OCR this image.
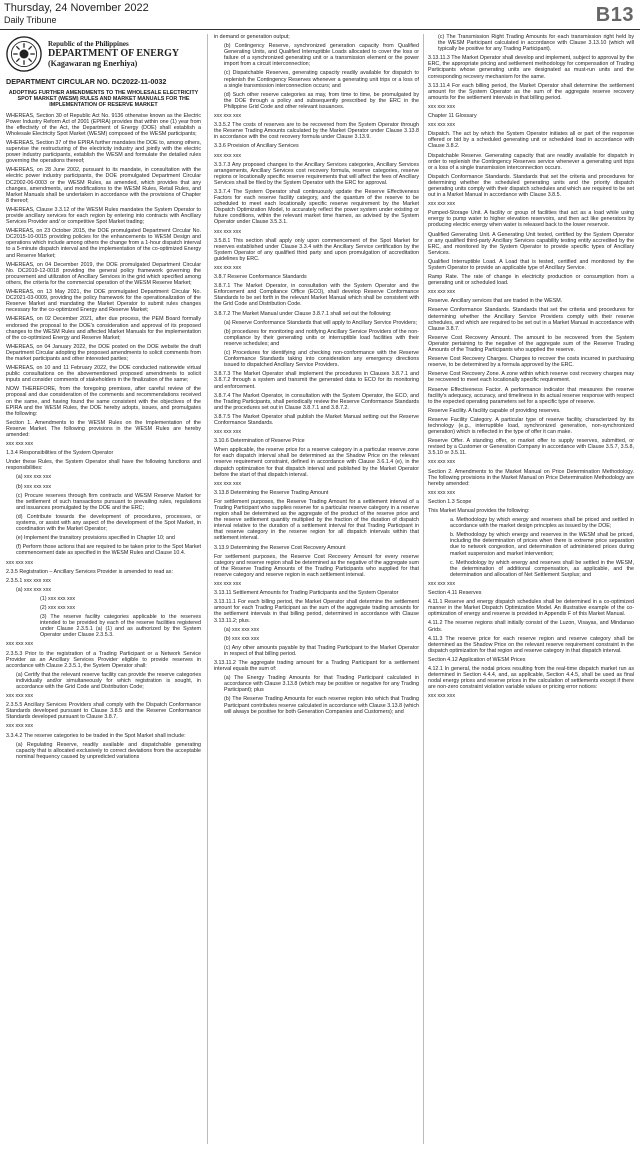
Thursday, 24 November 2022
Daily Tribune	B13
Republic of the Philippines
DEPARTMENT OF ENERGY
(Kagawaran ng Enerhiya)
DEPARTMENT CIRCULAR NO. DC2022-11-0032
ADOPTING FURTHER AMENDMENTS TO THE WHOLESALE ELECTRICITY SPOT MARKET (WESM) RULES AND MARKET MANUALS FOR THE IMPLEMENTATION OF RESERVE MARKET
WHEREAS, Section 30 of Republic Act No. 9136 otherwise known as the Electric Power Industry Reform Act of 2001 (EPIRA) provides that within one (1) year from the effectivity of the Act, the Department of Energy (DOE) shall establish a Wholesale Electricity Spot Market (WESM) composed of the WESM participants;
WHEREAS, Section 37 of the EPIRA further mandates the DOE to, among others, supervise the restructuring of the electricity industry and jointly with the electric power industry participants, establish the WESM and formulate the detailed rules governing the operations thereof;
WHEREAS, on 28 June 2002, pursuant to its mandate, in consultation with the electric power industry participants, the DOE promulgated Department Circular DC2002-06-0003 or the WESM Rules, as amended, which provides that any changes, amendments, and modifications to the WESM Rules, Retail Rules, and Market Manuals shall be undertaken in accordance with the provisions of Chapter 8 thereof;
WHEREAS, Clause 3.3.12 of the WESM Rules mandates the System Operator to provide ancillary services for each region by entering into contracts with Ancillary Services Provider and/ or competitive Spot Market trading;
WHEREAS, on 23 October 2015, the DOE promulgated Department Circular No. DC2015-10-0015 providing policies for the enhancements to WESM Design and operations which include among others the change from a 1-hour dispatch interval to a 5-minute dispatch interval and the implementation of the co-optimized Energy and Reserve Market;
WHEREAS, on 04 December 2019, the DOE promulgated Department Circular No. DC2019-12-0018 providing the general policy framework governing the procurement and utilization of Ancillary Services in the grid which specified among others, the criteria for the commercial operation of the WESM Reserve Market;
WHEREAS, on 13 May 2021, the DOE promulgated Department Circular No. DC2021-03-0009, providing the policy framework for the operationalization of the Reserve Market and mandating the Market Operator to submit rules changes necessary for the co-optimized Energy and Reserve Market;
WHEREAS, on 02 December 2021, after due process, the PEM Board formally endorsed the proposal to the DOE's consideration and approval of its proposed changes to the WESM Rules and affected Market Manuals for the implementation of the co-optimized Energy and Reserve Market;
WHEREAS, on 04 January 2022, the DOE posted on the DOE website the draft Department Circular adopting the proposed amendments to solicit comments from the market participants and other interested parties;
WHEREAS, on 10 and 11 February 2022, the DOE conducted nationwide virtual public consultations on the abovementioned proposed amendments to solicit inputs and consider comments of stakeholders in the finalization of the same;
NOW THEREFORE, from the foregoing premises, after careful review of the proposal and due consideration of the comments and recommendations received on the same, and having found the same consistent with the objectives of the EPIRA and the WESM Rules, the DOE hereby adopts, issues, and promulgates the following:
Section 1. Amendments to the WESM Rules on the Implementation of the Reserve Market. The following provisions in the WESM Rules are hereby amended:
xxx xxx xxx
1.3.4 Responsibilities of the System Operator
Under these Rules, the System Operator shall have the following functions and responsibilities:
(a) xxx xxx xxx
(b) xxx xxx xxx
(c) Procure reserves through firm contracts and WESM Reserve Market for the settlement of such transactions pursuant to prevailing rules, regulations and issuances promulgated by the DOE and the ERC;
(d) Contribute towards the development of procedures, processes, or systems, or assist with any aspect of the development of the Spot Market, in coordination with the Market Operator;
(e) Implement the transitory provisions specified in Chapter 10; and
(f) Perform those actions that are required to be taken prior to the Spot Market commencement date as specified in the WESM Rules and Clause 10.4.
xxx xxx xxx
2.3.5 Registration – Ancillary Services Provider is amended to read as:
2.3.5.1 xxx xxx xxx
(a) xxx xxx xxx
(1) xxx xxx xxx
(2) xxx xxx xxx
(3) The reserve facility categories applicable to the reserves intended to be provided by each of the reserve facilities registered under Clause 2.3.5.1 (a) (1) and as authorized by the System Operator under Clause 2.3.5.3.
xxx xxx xxx
2.3.5.3 Prior to the registration of a Trading Participant or a Network Service Provider as an Ancillary Services Provider eligible to provide reserves in accordance with Clause 2.3.5.1, the System Operator shall:
(a) Certify that the relevant reserve facility can provide the reserve categories individually and/or simultaneously for which registration is sought, in accordance with the Grid Code and Distribution Code;
xxx xxx xxx
2.3.5.5 Ancillary Services Providers shall comply with the Dispatch Conformance Standards developed pursuant to Clause 3.8.5 and the Reserve Conformance Standards developed pursuant to Clause 3.8.7.
xxx xxx xxx
3.3.4.2 The reserve categories to be traded in the Spot Market shall include:
(a) Regulating Reserve, readily available and dispatchable generating capacity that is allocated exclusively to correct deviations from the acceptable nominal frequency caused by unpredicted variations
in demand or generation output;
(b) Contingency Reserve, synchronized generation capacity from Qualified Generating Units, and Qualified Interruptible Loads allocated to cover the loss or failure of a synchronized generating unit or a transmission element or the power import from a circuit interconnection;
(c) Dispatchable Reserves, generating capacity readily available for dispatch to replenish the Contingency Reserves whenever a generating unit trips or a loss of a single transmission interconnection occurs; and
(d) Such other reserve categories as may, from time to time, be promulgated by the DOE through a policy and subsequently prescribed by the ERC in the Philippine Grid Code and other relevant issuances.
xxx xxx xxx
3.3.5.2 The costs of reserves are to be recovered from the System Operator through the Reserve Trading Amounts calculated by the Market Operator under Clause 3.13.8 in accordance with the cost recovery formula under Clause 3.13.9.
3.3.6 Provision of Ancillary Services
xxx xxx xxx
3.3.7.3 Any proposed changes to the Ancillary Services categories, Ancillary Services arrangements, Ancillary Services cost recovery formula, reserve categories, reserve regions or locationally specific reserve requirements that will affect the fees of Ancillary Services shall be filed by the System Operator with the ERC for approval.
3.3.7.4 The System Operator shall continuously update the Reserve Effectiveness Factors for each reserve facility category, and the quantum of the reserve to be scheduled to meet each locationally specific reserve requirement by the Market Dispatch Optimization Model, to accurately reflect the power system under existing or future conditions, within the relevant market time frames, as advised by the System Operator under Clause 3.5.3.1.
xxx xxx xxx
3.5.8.1 This section shall apply only upon commencement of the Spot Market for reserves established under Clause 3.3.4 with the Ancillary Service certification by the System Operator of any qualified third party and upon promulgation of accreditation guidelines by ERC.
xxx xxx xxx
3.8.7 Reserve Conformance Standards
3.8.7.1 The Market Operator, in consultation with the System Operator and the Enforcement and Compliance Office (ECO), shall develop Reserve Conformance Standards to be set forth in the relevant Market Manual which shall be consistent with the Grid Code and Distribution Code.
3.8.7.2 The Market Manual under Clause 3.8.7.1 shall set out the following:
(a) Reserve Conformance Standards that will apply to Ancillary Service Providers;
(b) procedures for monitoring and notifying Ancillary Service Providers of the non-compliance by their generating units or interruptible load facilities with their reserve schedules; and
(c) Procedures for identifying and checking non-conformance with the Reserve Conformance Standards taking into consideration any emergency directions issued to dispatched Ancillary Service Providers.
3.8.7.3 The Market Operator shall implement the procedures in Clauses 3.8.7.1 and 3.8.7.2 through a system and transmit the generated data to ECO for its monitoring and enforcement.
3.8.7.4 The Market Operator, in consultation with the System Operator, the ECO, and the Trading Participants, shall periodically review the Reserve Conformance Standards and the procedures set out in Clause 3.8.7.1 and 3.8.7.2.
3.8.7.5 The Market Operator shall publish the Market Manual setting out the Reserve Conformance Standards.
xxx xxx xxx
3.10.6 Determination of Reserve Price
When applicable, the reserve price for a reserve category in a particular reserve zone for each dispatch interval shall be determined as the Shadow Price on the relevant reserve requirement constraint, defined in accordance with Clause 3.6.1.4 (e), in the dispatch optimization for that dispatch interval and published by the Market Operator before the start of that dispatch interval.
xxx xxx xxx
3.13.8 Determining the Reserve Trading Amount
For settlement purposes, the Reserve Trading Amount for a settlement interval of a Trading Participant who supplies reserve for a particular reserve category in a reserve region shall be determined as the aggregate of the product of the reserve price and the reserve settlement quantity multiplied by the fraction of the duration of dispatch interval relative to the duration of a settlement interval for that Trading Participant in that reserve category in the reserve region for all dispatch intervals within that settlement interval.
3.13.9 Determining the Reserve Cost Recovery Amount
For settlement purposes, the Reserve Cost Recovery Amount for every reserve category and reserve region shall be determined as the negative of the aggregate sum of the Reserve Trading Amounts of the Trading Participants who supplied for that reserve category and reserve region in each settlement interval.
xxx xxx xxx
3.13.11 Settlement Amounts for Trading Participants and the System Operator
3.13.11.1 For each billing period, the Market Operator shall determine the settlement amount for each Trading Participant as the sum of the aggregate trading amounts for the settlement intervals in that billing period, determined in accordance with Clause 3.13.11.2; plus.
(a) xxx xxx xxx
(b) xxx xxx xxx
(c) Any other amounts payable by that Trading Participant to the Market Operator in respect of that billing period.
3.13.11.2 The aggregate trading amount for a Trading Participant for a settlement interval equals the sum of:
(a) The Energy Trading Amounts for that Trading Participant calculated in accordance with Clause 3.13.8 (which may be positive or negative for any Trading Participant); plus
(b) The Reserve Trading Amounts for each reserve region into which that Trading Participant contributes reserve calculated in accordance with Clause 3.13.8 (which will always be positive for both Generation Companies and Customers); and
(c) The Transmission Right Trading Amounts for each transmission right held by the WESM Participant calculated in accordance with Clause 3.13.10 (which will typically be positive for any Trading Participant).
3.13.11.3 The Market Operator shall develop and implement, subject to approval by the ERC, the appropriate pricing and settlement methodology for compensation of Trading Participants whose generating units are designated as must-run units and the corresponding recovery mechanism for the same.
3.13.11.4 For each billing period, the Market Operator shall determine the settlement amount for the System Operator as the sum of the aggregate reserve recovery amounts for the settlement intervals in that billing period.
xxx xxx xxx
Chapter 11 Glossary
xxx xxx xxx
Dispatch. The act by which the System Operator initiates all or part of the response offered or bid by a scheduled generating unit or scheduled load in accordance with Clause 3.8.2.
Dispatchable Reserve. Generating capacity that are readily available for dispatch in order to replenish the Contingency Reserves service whenever a generating unit trips or a loss of a single transmission interconnection occurs.
Dispatch Conformance Standards. Standards that set the criteria and procedures for determining whether the scheduled generating units and the priority dispatch generating units comply with their dispatch schedules and which are required to be set out in a Market Manual in accordance with Clause 3.8.5.
xxx xxx xxx
Pumped-Storage Unit. A facility or group of facilities that act as a load while using energy to pump water to higher elevation reservoirs, and then act like generators by producing electric energy when water is released back to the lower reservoir.
Qualified Generating Unit. A Generating Unit tested, certified by the System Operator or any qualified third-party Ancillary Services capability testing entity accredited by the ERC, and monitored by the System Operator to provide specific types of Ancillary Services.
Qualified Interruptible Load. A Load that is tested, certified and monitored by the System Operator to provide an applicable type of Ancillary Service.
Ramp Rate. The rate of change in electricity production or consumption from a generating unit or scheduled load.
xxx xxx xxx
Reserve. Ancillary services that are traded in the WESM.
Reserve Conformance Standards. Standards that set the criteria and procedures for determining whether the Ancillary Service Providers comply with their reserve schedules, and which are required to be set out in a Market Manual in accordance with Clause 3.8.7.
Reserve Cost Recovery Amount. The amount to be recovered from the System Operator pertaining to the negative of the aggregate sum of the Reserve Trading Amounts of the Trading Participants who supplied the reserve.
Reserve Cost Recovery Charges. Charges to recover the costs incurred in purchasing reserve, to be determined by a formula approved by the ERC.
Reserve Cost Recovery Zone. A zone within which reserve cost recovery charges may be recovered to meet each locationally specific requirement.
Reserve Effectiveness Factor. A performance indicator that measures the reserve facility's adequacy, accuracy, and timeliness in its actual reserve response with respect to the expected operating parameters set for a specific type of reserve.
Reserve Facility. A facility capable of providing reserves.
Reserve Facility Category. A particular type of reserve facility, characterized by its technology (e.g., interruptible load, synchronized generation, non-synchronized generation) which is reflected in the type of offer it can make.
Reserve Offer. A standing offer, or market offer to supply reserves, submitted, or revised by a Customer or Generation Company in accordance with Clause 3.5.7, 3.5.8, 3.5.10 or 3.5.11.
xxx xxx xxx
Section 2. Amendments to the Market Manual on Price Determination Methodology. The following provisions in the Market Manual on Price Determination Methodology are hereby amended:
xxx xxx xxx
Section 1.3 Scope
This Market Manual provides the following:
a. Methodology by which energy and reserves shall be priced and settled in accordance with the market design principles as issued by the DOE;
b. Methodology by which energy and reserves in the WESM shall be priced, including the determination of prices when there is extreme price separation due to network congestion, and determination of administered prices during market suspension and market intervention;
c. Methodology by which energy and reserves shall be settled in the WESM, the determination of additional compensation, as applicable, and the determination and allocation of Net Settlement Surplus; and
xxx xxx xxx
Section 4.11 Reserves
4.11.1 Reserve and energy dispatch schedules shall be determined in a co-optimized manner in the Market Dispatch Optimization Model. An illustrative example of the co-optimization of energy and reserve is provided in Appendix F of this Market Manual.
4.11.2 The reserve regions shall initially consist of the Luzon, Visayas, and Mindanao Grids.
4.11.3 The reserve price for each reserve region and reserve category shall be determined as the Shadow Price on the relevant reserve requirement constraint in the dispatch optimization for that region and reserve category in that dispatch interval.
Section 4.12 Application of WESM Prices
4.12.1 In general, the nodal prices resulting from the real-time dispatch market run as determined in Section 4.4.4, and, as applicable, Section 4.4.5, shall be used as final nodal energy prices and reserve prices in the calculation of settlements except if there are non-zero constraint violation variable values or pricing error notices:
xxx xxx xxx
